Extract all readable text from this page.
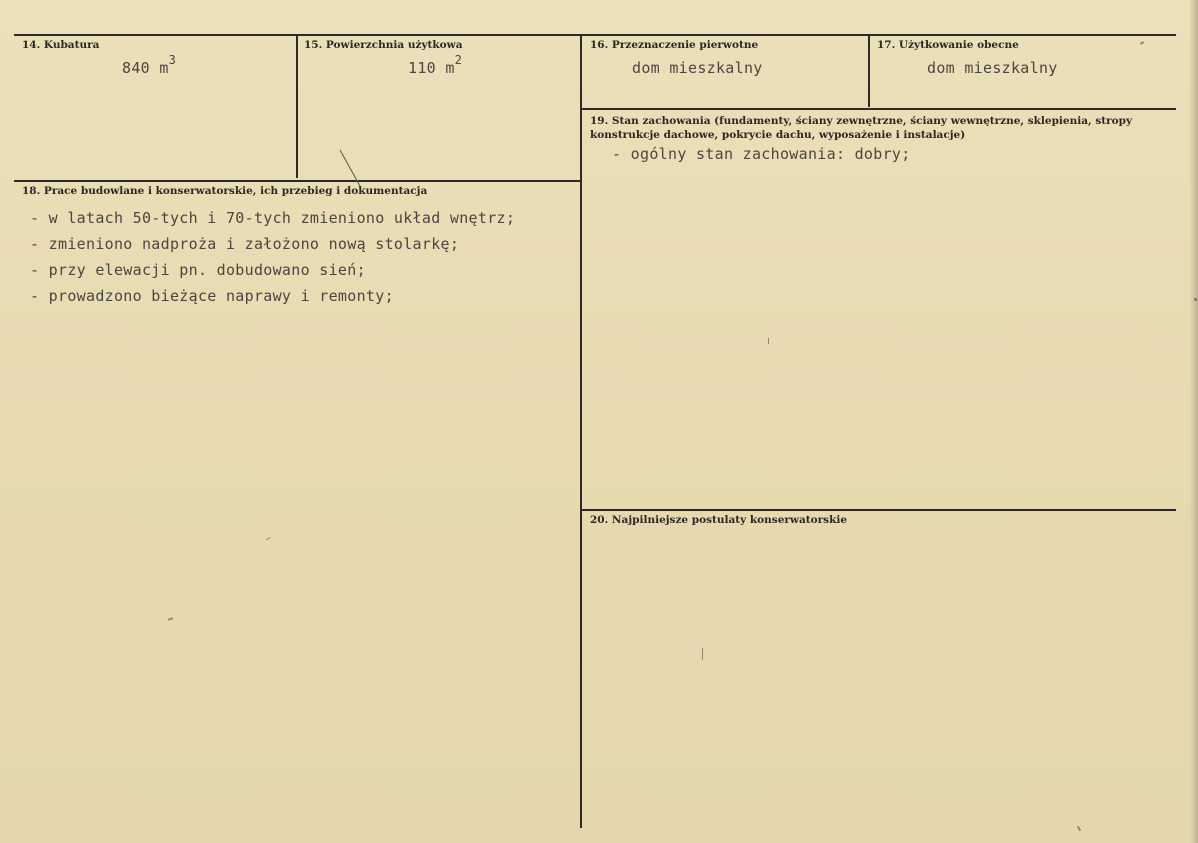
14. Kubatura
840 $m^3$
15. Powierzchnia użytkowa
110 $m^2$
16. Przeznaczenie pierwotne
dom mieszkalny
17. Użytkowanie obecne
dom mieszkalny
18. Prace budowlane i konserwatorskie, ich przebieg i dokumentacja
- w latach 50-tych i 70-tych zmieniono układ wnętrz;
- zmieniono nadproża i założono nową stolarkę;
- przy elewacji pn. dobudowano sień;
- prowadzono bieżące naprawy i remonty;
19. Stan zachowania (fundamenty, ściany zewnętrzne, ściany wewnętrzne, sklepienia, stropy konstrukcje dachowe, pokrycie dachu, wyposażenie i instalacje)
- ogólny stan zachowania: dobry;
20. Najpilniejsze postulaty konserwatorskie
